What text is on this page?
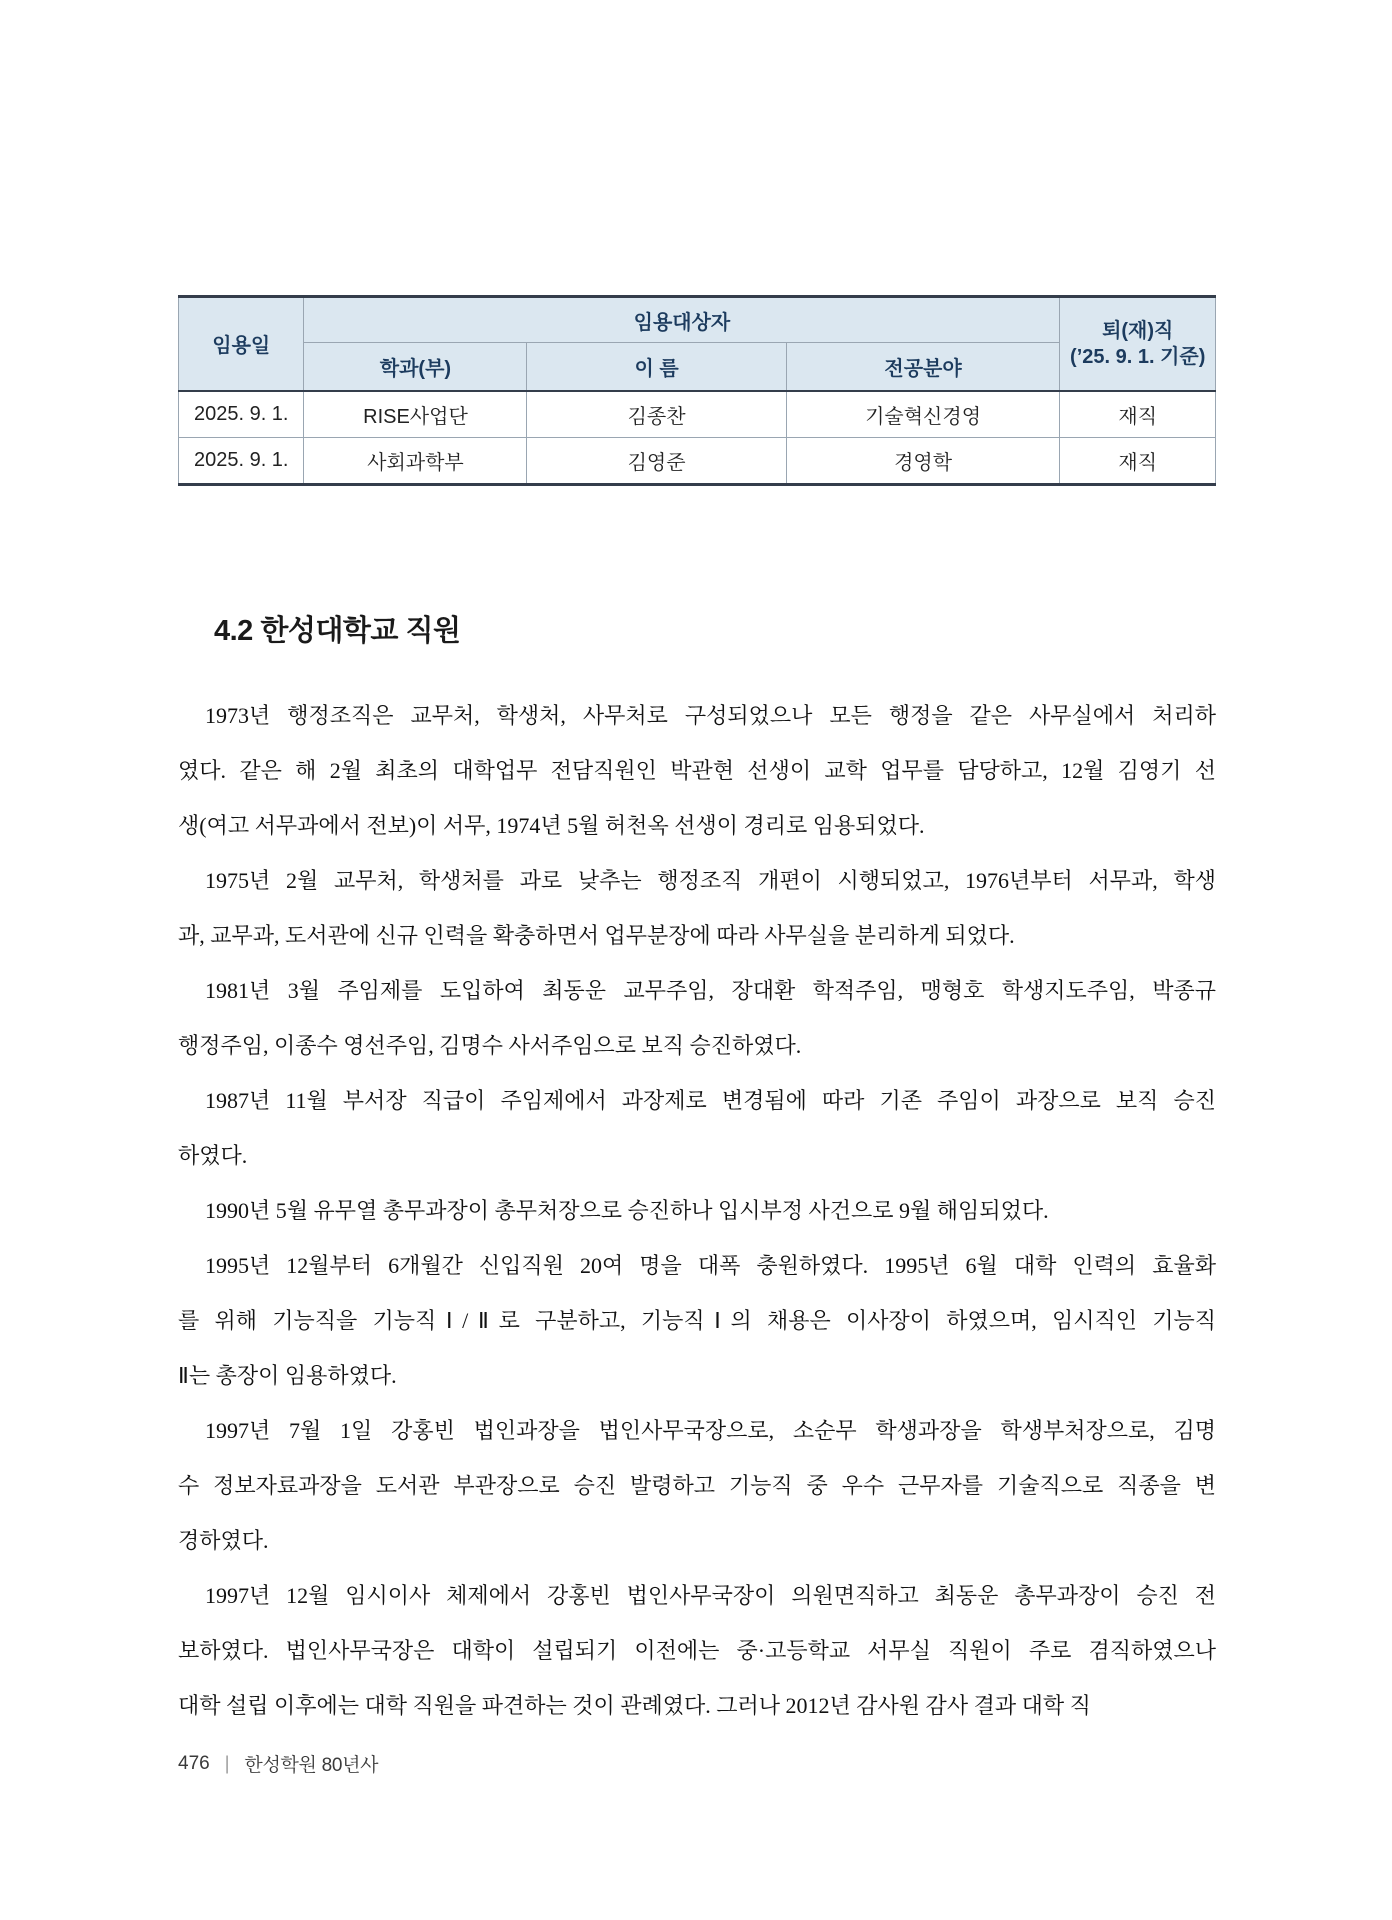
임용일	임용대상자			퇴(재)직
(’25. 9. 1. 기준)

	학과(부)	이 름	전공분야	
2025. 9. 1.	RISE사업단	김종찬	기술혁신경영	재직
2025. 9. 1.	사회과학부	김영준	경영학	재직
4.2 한성대학교 직원
1973년 행정조직은 교무처, 학생처, 사무처로 구성되었으나 모든 행정을 같은 사무실에서 처리하
였다. 같은 해 2월 최초의 대학업무 전담직원인 박관현 선생이 교학 업무를 담당하고, 12월 김영기 선
생(여고 서무과에서 전보)이 서무, 1974년 5월 허천옥 선생이 경리로 임용되었다.
1975년 2월 교무처, 학생처를 과로 낮추는 행정조직 개편이 시행되었고, 1976년부터 서무과, 학생
과, 교무과, 도서관에 신규 인력을 확충하면서 업무분장에 따라 사무실을 분리하게 되었다.
1981년 3월 주임제를 도입하여 최동운 교무주임, 장대환 학적주임, 맹형호 학생지도주임, 박종규
행정주임, 이종수 영선주임, 김명수 사서주임으로 보직 승진하였다.
1987년 11월 부서장 직급이 주임제에서 과장제로 변경됨에 따라 기존 주임이 과장으로 보직 승진
하였다.
1990년 5월 유무열 총무과장이 총무처장으로 승진하나 입시부정 사건으로 9월 해임되었다.
1995년 12월부터 6개월간 신입직원 20여 명을 대폭 충원하였다. 1995년 6월 대학 인력의 효율화
를 위해 기능직을 기능직Ⅰ/Ⅱ로 구분하고, 기능직Ⅰ의 채용은 이사장이 하였으며, 임시직인 기능직
Ⅱ는 총장이 임용하였다.
1997년 7월 1일 강홍빈 법인과장을 법인사무국장으로, 소순무 학생과장을 학생부처장으로, 김명
수 정보자료과장을 도서관 부관장으로 승진 발령하고 기능직 중 우수 근무자를 기술직으로 직종을 변
경하였다.
1997년 12월 임시이사 체제에서 강홍빈 법인사무국장이 의원면직하고 최동운 총무과장이 승진 전
보하였다. 법인사무국장은 대학이 설립되기 이전에는 중·고등학교 서무실 직원이 주로 겸직하였으나
대학 설립 이후에는 대학 직원을 파견하는 것이 관례였다. 그러나 2012년 감사원 감사 결과 대학 직
476 | 한성학원 80년사
